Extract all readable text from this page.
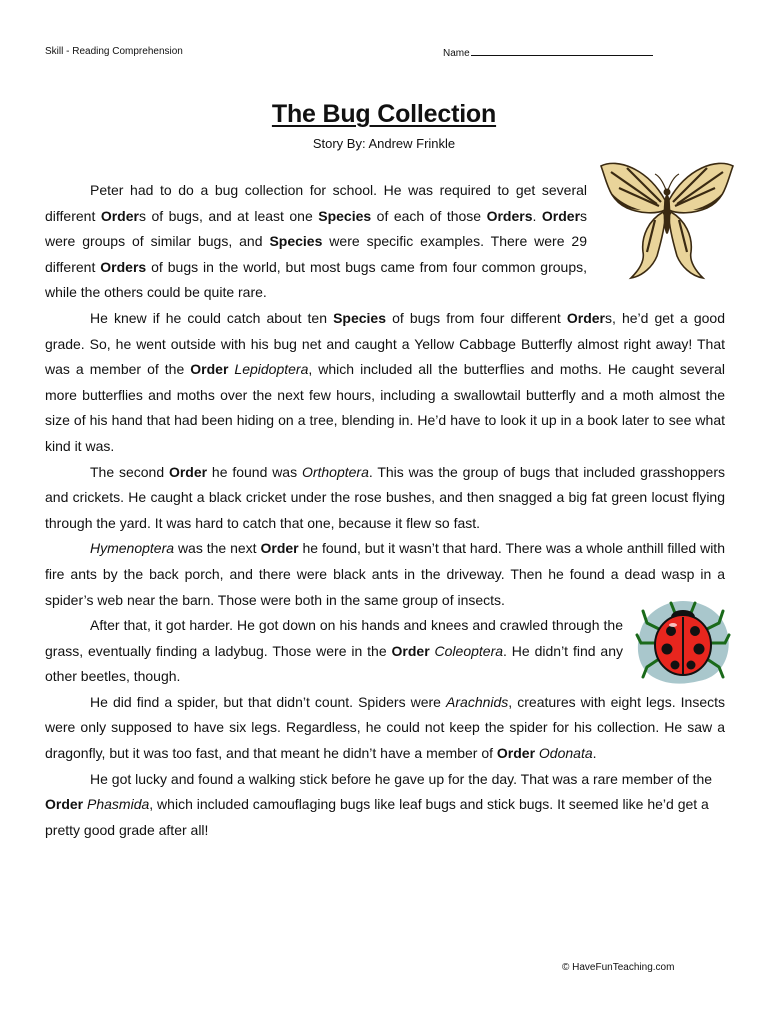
Skill - Reading Comprehension	Name
The Bug Collection
Story By: Andrew Frinkle

Peter had to do a bug collection for school. He was required to get several different Orders of bugs, and at least one Species of each of those Orders. Orders were groups of similar bugs, and Species were specific examples. There were 29 different Orders of bugs in the world, but most bugs came from four common groups, while the others could be quite rare.

He knew if he could catch about ten Species of bugs from four different Orders, he’d get a good grade. So, he went outside with his bug net and caught a Yellow Cabbage Butterfly almost right away! That was a member of the Order Lepidoptera, which included all the butterflies and moths. He caught several more butterflies and moths over the next few hours, including a swallowtail butterfly and a moth almost the size of his hand that had been hiding on a tree, blending in. He’d have to look it up in a book later to see what kind it was.

The second Order he found was Orthoptera. This was the group of bugs that included grasshoppers and crickets. He caught a black cricket under the rose bushes, and then snagged a big fat green locust flying through the yard. It was hard to catch that one, because it flew so fast.

Hymenoptera was the next Order he found, but it wasn’t that hard. There was a whole anthill filled with fire ants by the back porch, and there were black ants in the driveway. Then he found a dead wasp in a spider’s web near the barn. Those were both in the same group of insects.

After that, it got harder. He got down on his hands and knees and crawled through the grass, eventually finding a ladybug. Those were in the Order Coleoptera. He didn’t find any other beetles, though.

He did find a spider, but that didn’t count. Spiders were Arachnids, creatures with eight legs. Insects were only supposed to have six legs. Regardless, he could not keep the spider for his collection. He saw a dragonfly, but it was too fast, and that meant he didn’t have a member of Order Odonata.

He got lucky and found a walking stick before he gave up for the day. That was a rare member of the Order Phasmida, which included camouflaging bugs like leaf bugs and stick bugs. It seemed like he’d get a pretty good grade after all!

© HaveFunTeaching.com
